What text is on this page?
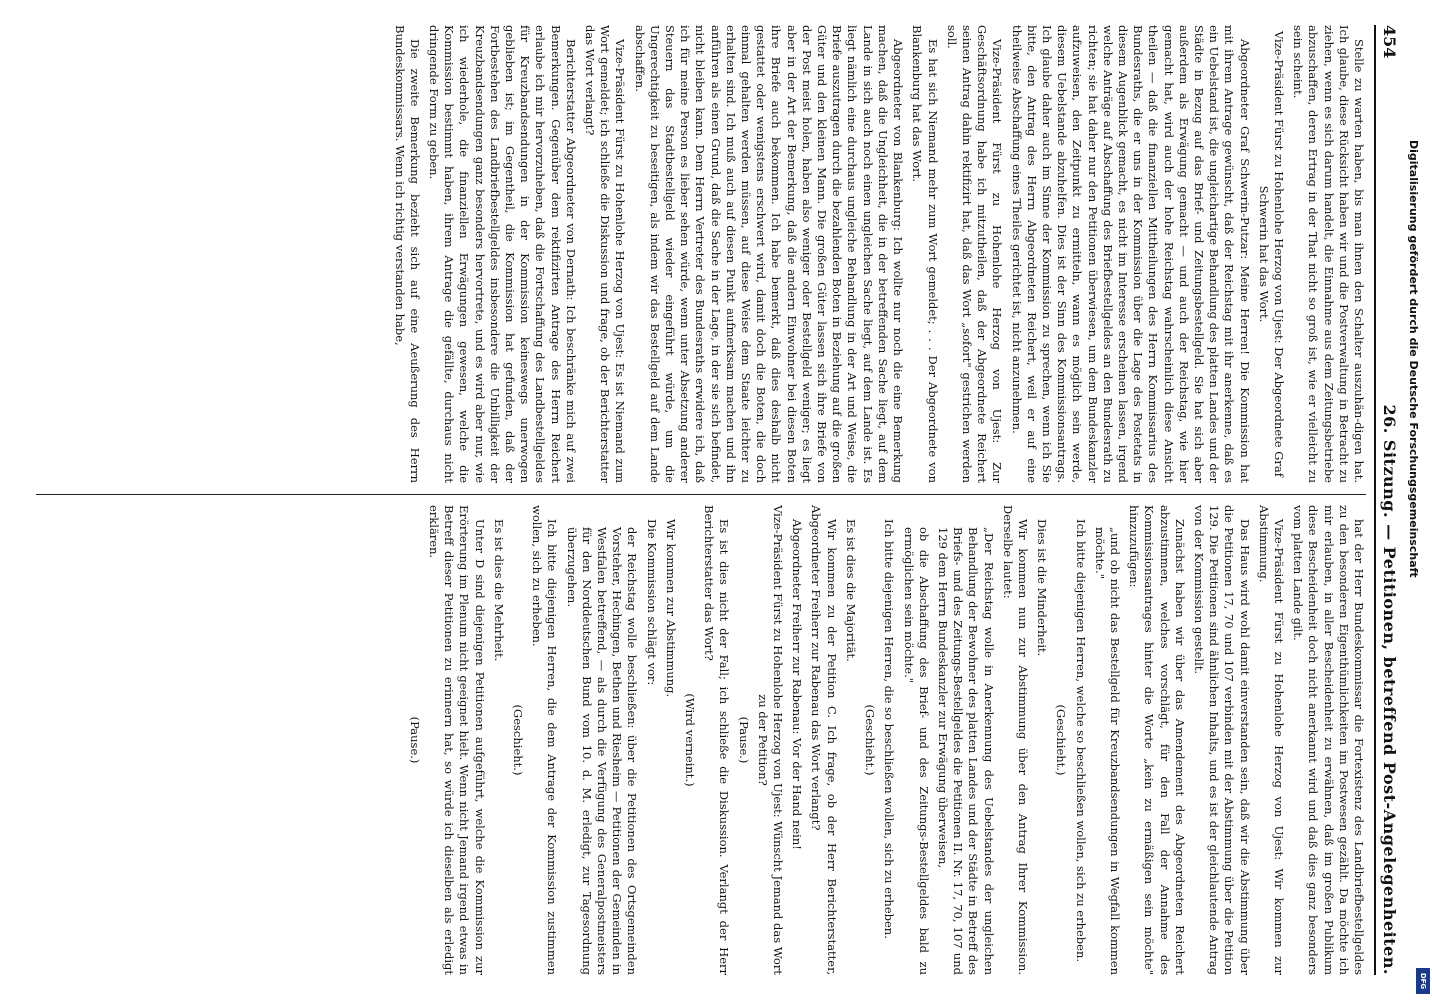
454
26. Sitzung. — Petitionen, betreffend Post-Angelegenheiten.

Stelle zu warten haben, bis man ihnen den Schalter auszuhän-digen hat. Ich glaube, diese Rücksicht haben wir und die Postverwaltung in Betracht zu ziehen, wenn es sich darum handelt, die Einnahme aus dem Zeitungsbetriebe abzuschaffen, deren Ertrag in der That nicht so groß ist, wie er vielleicht zu sein scheint.

Vize-Präsident Fürst zu Hohenlohe Herzog von Ujest: Der Abgeordnete Graf Schwerin hat das Wort.

Abgeordneter Graf Schwerin-Putzar: Meine Herren! Die Kommission hat mit ihrem Antrage gewünscht, daß der Reichstag mit ihr anerkenne, daß es ein Uebelstand ist, die ungleichartige Behandlung des platten Landes und der Städte in Bezug auf das Brief- und Zeitungsbestellgeld. Sie hat sich aber außerdem als Erwägung gemacht — und auch der Reichstag, wie hier gemacht hat, wird auch der hohe Reichstag wahrscheinlich diese Ansicht theilen — daß die finanziellen Mittheilungen des Herrn Kommissarius des Bundesraths, die er uns in der Kommission über die Lage des Postetats in diesem Augenblick gemacht, es nicht im Interesse erscheinen lassen, irgend welche Anträge auf Abschaffung des Briefbestellgeldes an den Bundesrath zu richten; sie hat daher nur den Petitionen überwiesen, um dem Bundeskanzler aufzuweisen, den Zeitpunkt zu ermitteln, wann es möglich sein werde, diesem Uebelstande abzuhelfen. Dies ist der Sinn des Kommissionsantrags. Ich glaube daher auch im Sinne der Kommission zu sprechen, wenn ich Sie bitte, den Antrag des Herrn Abgeordneten Reichert, weil er auf eine theilweise Abschaffung eines Theiles gerichtet ist, nicht anzunehmen.

Vize-Präsident Fürst zu Hohenlohe Herzog von Ujest: Zur Geschäftsordnung habe ich mitzutheilen, daß der Abgeordnete Reichert seinen Antrag dahin rektifizirt hat, daß das Wort „sofort" gestrichen werden soll.

Es hat sich Niemand mehr zum Wort gemeldet; . . . Der Abgeordnete von Blankenburg hat das Wort.

Abgeordneter von Blankenburg: Ich wollte nur noch die eine Bemerkung machen, daß die Ungleichheit, die in der betreffenden Sache liegt, auf dem Lande in sich auch noch einen ungleichen Sache liegt, auf dem Lande ist. Es liegt nämlich eine durchaus ungleiche Behandlung in der Art und Weise, die Briefe auszutragen durch die bezahlenden Boten in Beziehung auf die großen Güter und den kleinen Mann. Die großen Güter lassen sich ihre Briefe von der Post meist holen, haben also weniger oder Bestellgeld weniger; es liegt aber in der Art der Bemerkung, daß die andern Einwohner bei diesen Boten ihre Briefe auch bekommen. Ich habe bemerkt, daß dies deshalb nicht gestattet oder wenigstens erschwert wird, damit doch die Boten, die doch einmal gehalten werden müssen, auf diese Weise dem Staate leichter zu erhalten sind. Ich muß auch auf diesen Punkt aufmerksam machen und ihn anführen als einen Grund, daß die Sache in der Lage, in der sie sich befindet, nicht bleiben kann. Dem Herrn Vertreter des Bundesraths erwidere ich, daß ich für meine Person es lieber sehen würde, wenn unter Absetzung anderer Steuern das Stadtbestellgeld wieder eingeführt würde, um die Ungerechtigkeit zu beseitigen, als indem wir das Bestellgeld auf dem Lande abschaffen.

Vize-Präsident Fürst zu Hohenlohe Herzog von Ujest: Es ist Niemand zum Wort gemeldet; ich schließe die Diskussion und frage, ob der Berichterstatter das Wort verlangt?

Berichterstatter Abgeordneter von Dernath: Ich beschränke mich auf zwei Bemerkungen. Gegenüber dem rektifizirten Antrage des Herrn Reichert erlaube ich mir hervorzuheben, daß die Fortschaffung des Landbestellgeldes für Kreuzbandsendungen in der Kommission keineswegs unerwogen geblieben ist; im Gegentheil, die Kommission hat gefunden, daß der Fortbestehen des Landbriefbestellgeldes insbesondere die Unbilligkeit der Kreuzbandsendungen ganz besonders hervortrete, und es wird aber nur, wie ich wiederhole, die finanziellen Erwägungen gewesen, welche die Kommission bestimmt haben, ihrem Antrage die gefällte, durchaus nicht dringende Form zu geben.

Die zweite Bemerkung bezieht sich auf eine Aeußerung des Herrn Bundeskommissars. Wenn ich richtig verstanden habe,

hat der Herr Bundeskommissar die Fortexistenz des Landbriefbestellgeldes zu den besonderen Eigenthümlichkeiten im Postwesen gezählt. Da möchte ich mir erlauben, in aller Bescheidenheit zu erwähnen, daß im großen Publikum diese Bescheidenheit doch nicht anerkannt wird und daß dies ganz besonders vom platten Lande gilt.

Vize-Präsident Fürst zu Hohenlohe Herzog von Ujest: Wir kommen zur Abstimmung.

Das Haus wird wohl damit einverstanden sein, daß wir die Abstimmung über die Petitionen 17, 70 und 107 verbinden mit der Abstimmung über die Petition 129. Die Petitionen sind ähnlichen Inhalts, und es ist der gleichlautende Antrag von der Kommission gestellt.

Zunächst haben wir über das Amendement des Abgeordneten Reichert abzustimmen, welches vorschlägt, für den Fall der Annahme des Kommissionsantrages hinter die Worte „kein zu ermäßigen sein möchte" hinzuzufügen:

„und ob nicht das Bestellgeld für Kreuzbandsendungen in Wegfall kommen möchte."

Ich bitte diejenigen Herren, welche so beschließen wollen, sich zu erheben.

(Geschieht.)

Dies ist die Minderheit.

Wir kommen nun zur Abstimmung über den Antrag Ihrer Kommission. Derselbe lautet:

„Der Reichstag wolle in Anerkennung des Uebelstandes der ungleichen Behandlung der Bewohner des platten Landes und der Städte in Betreff des Briefs- und des Zeitungs-Bestellgeldes die Petitionen II. Nr. 17, 70, 107 und 129 dem Herrn Bundeskanzler zur Erwägung überweisen,

ob die Abschaffung des Brief- und des Zeitungs-Bestellgeldes bald zu ermöglichen sein möchte."

Ich bitte diejenigen Herren, die so beschließen wollen, sich zu erheben.

(Geschieht.)

Es ist dies die Majorität.

Wir kommen zu der Petition C. Ich frage, ob der Herr Berichterstatter, Abgeordneter Freiherr zur Rabenau das Wort verlangt?

Abgeordneter Freiherr zur Rabenau: Vor der Hand nein!

Vize-Präsident Fürst zu Hohenlohe Herzog von Ujest: Wünscht Jemand das Wort zu der Petition?

(Pause.)

Es ist dies nicht der Fall; ich schließe die Diskussion. Verlangt der Herr Berichterstatter das Wort?

(Wird verneint.)

Wir kommen zur Abstimmung.

Die Kommission schlägt vor:

der Reichstag wolle beschließen: über die Petitionen des Ortsgemeinden Vorsteher, Hechingen, Bethen und Riesheim — Petitionen der Gemeinden in Westfalen betreffend, — als durch die Verfügung des Generalpostmeisters für den Norddeutschen Bund vom 10. d. M. erledigt, zur Tagesordnung überzugehen.

Ich bitte diejenigen Herren, die dem Antrage der Kommission zustimmen wollen, sich zu erheben.

(Geschieht.)

Es ist dies die Mehrheit.

Unter D sind diejenigen Petitionen aufgeführt, welche die Kommission zur Erörterung im Plenum nicht geeignet hielt. Wenn nicht Jemand irgend etwas in Betreff dieser Petitionen zu erinnern hat, so würde ich dieselben als erledigt erklären.

(Pause.)

Digitalisierung gefördert durch die Deutsche Forschungsgemeinschaft
DFG
